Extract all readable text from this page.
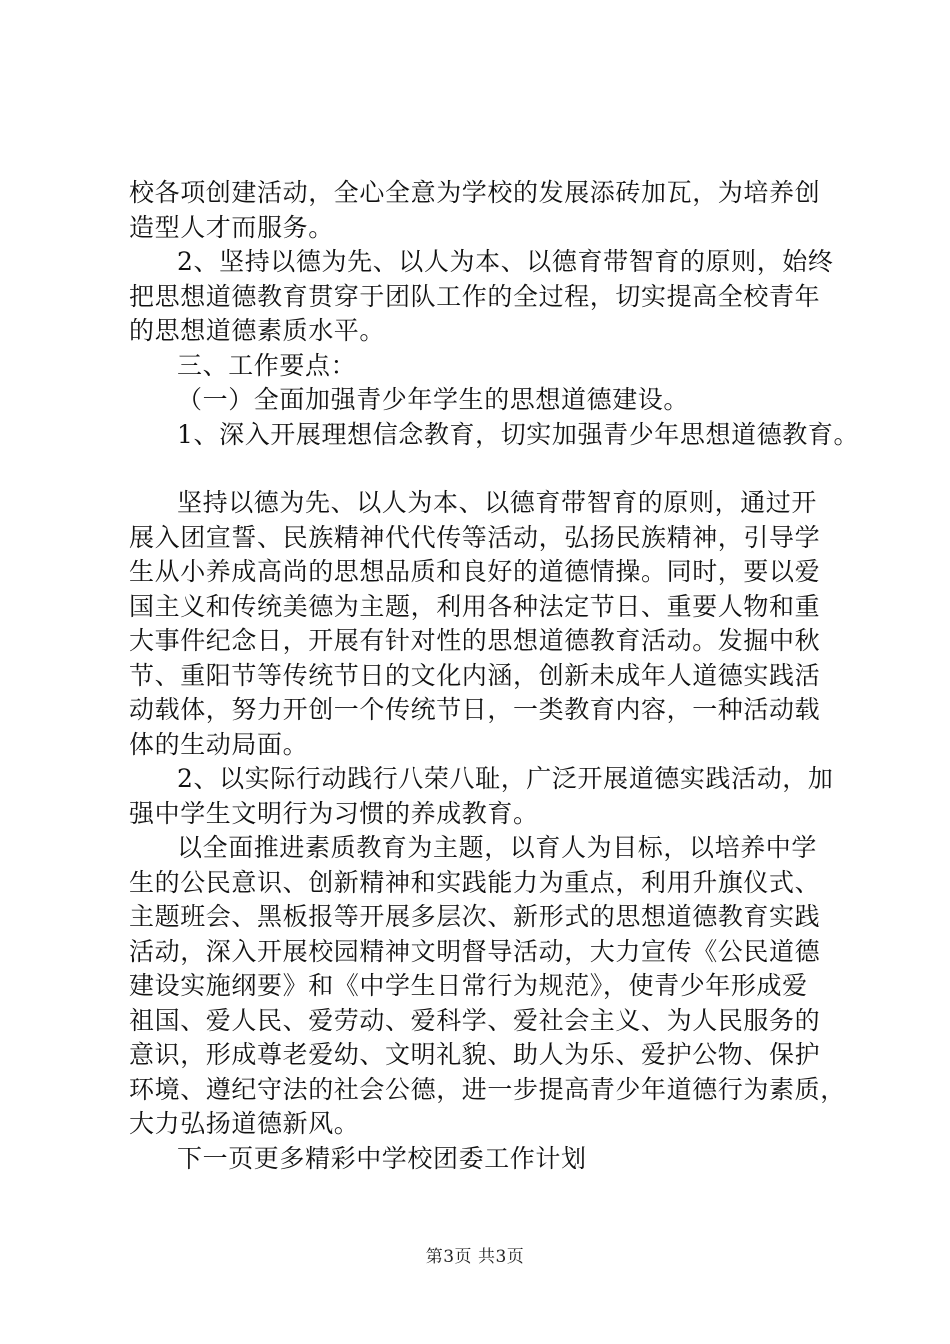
校各项创建活动，全心全意为学校的发展添砖加瓦，为培养创
造型人才而服务。
2、坚持以德为先、以人为本、以德育带智育的原则，始终
把思想道德教育贯穿于团队工作的全过程，切实提高全校青年
的思想道德素质水平。
三、工作要点：
（一）全面加强青少年学生的思想道德建设。
1、深入开展理想信念教育，切实加强青少年思想道德教育。
坚持以德为先、以人为本、以德育带智育的原则，通过开
展入团宣誓、民族精神代代传等活动，弘扬民族精神，引导学
生从小养成高尚的思想品质和良好的道德情操。同时，要以爱
国主义和传统美德为主题，利用各种法定节日、重要人物和重
大事件纪念日，开展有针对性的思想道德教育活动。发掘中秋
节、重阳节等传统节日的文化内涵，创新未成年人道德实践活
动载体，努力开创一个传统节日，一类教育内容，一种活动载
体的生动局面。
2、以实际行动践行八荣八耻，广泛开展道德实践活动，加
强中学生文明行为习惯的养成教育。
以全面推进素质教育为主题，以育人为目标，以培养中学
生的公民意识、创新精神和实践能力为重点，利用升旗仪式、
主题班会、黑板报等开展多层次、新形式的思想道德教育实践
活动，深入开展校园精神文明督导活动，大力宣传《公民道德
建设实施纲要》和《中学生日常行为规范》，使青少年形成爱
祖国、爱人民、爱劳动、爱科学、爱社会主义、为人民服务的
意识，形成尊老爱幼、文明礼貌、助人为乐、爱护公物、保护
环境、遵纪守法的社会公德，进一步提高青少年道德行为素质，
大力弘扬道德新风。
下一页更多精彩中学校团委工作计划
第3页 共3页
